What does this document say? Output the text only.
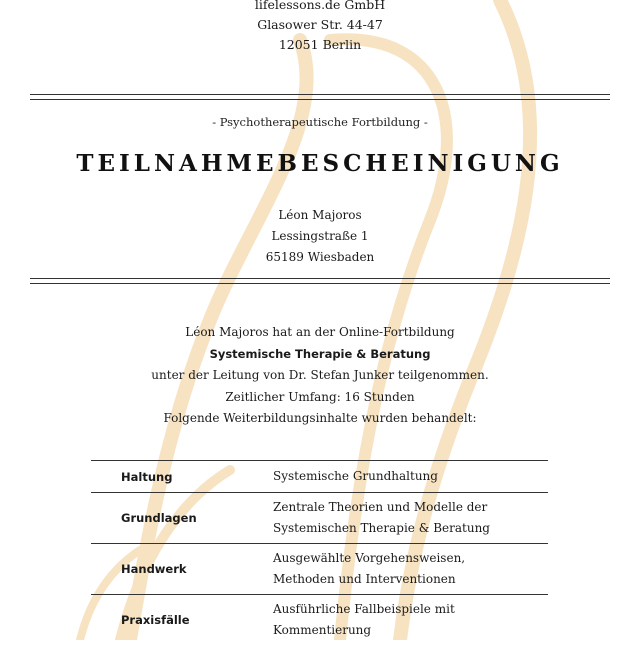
lifelessons.de GmbH
Glasower Str. 44-47
12051 Berlin
- Psychotherapeutische Fortbildung -
TEILNAHMEBESCHEINIGUNG
Léon Majoros
Lessingstraße 1
65189 Wiesbaden
Léon Majoros hat an der Online-Fortbildung
Systemische Therapie & Beratung
unter der Leitung von Dr. Stefan Junker teilgenommen.
Zeitlicher Umfang: 16 Stunden
Folgende Weiterbildungsinhalte wurden behandelt:
Haltung	Systemische Grundhaltung

Grundlagen	Zentrale Theorien und Modelle der
Systemischen Therapie & Beratung

Handwerk	Ausgewählte Vorgehensweisen,
Methoden und Interventionen

Praxisfälle	Ausführliche Fallbeispiele mit
Kommentierung
